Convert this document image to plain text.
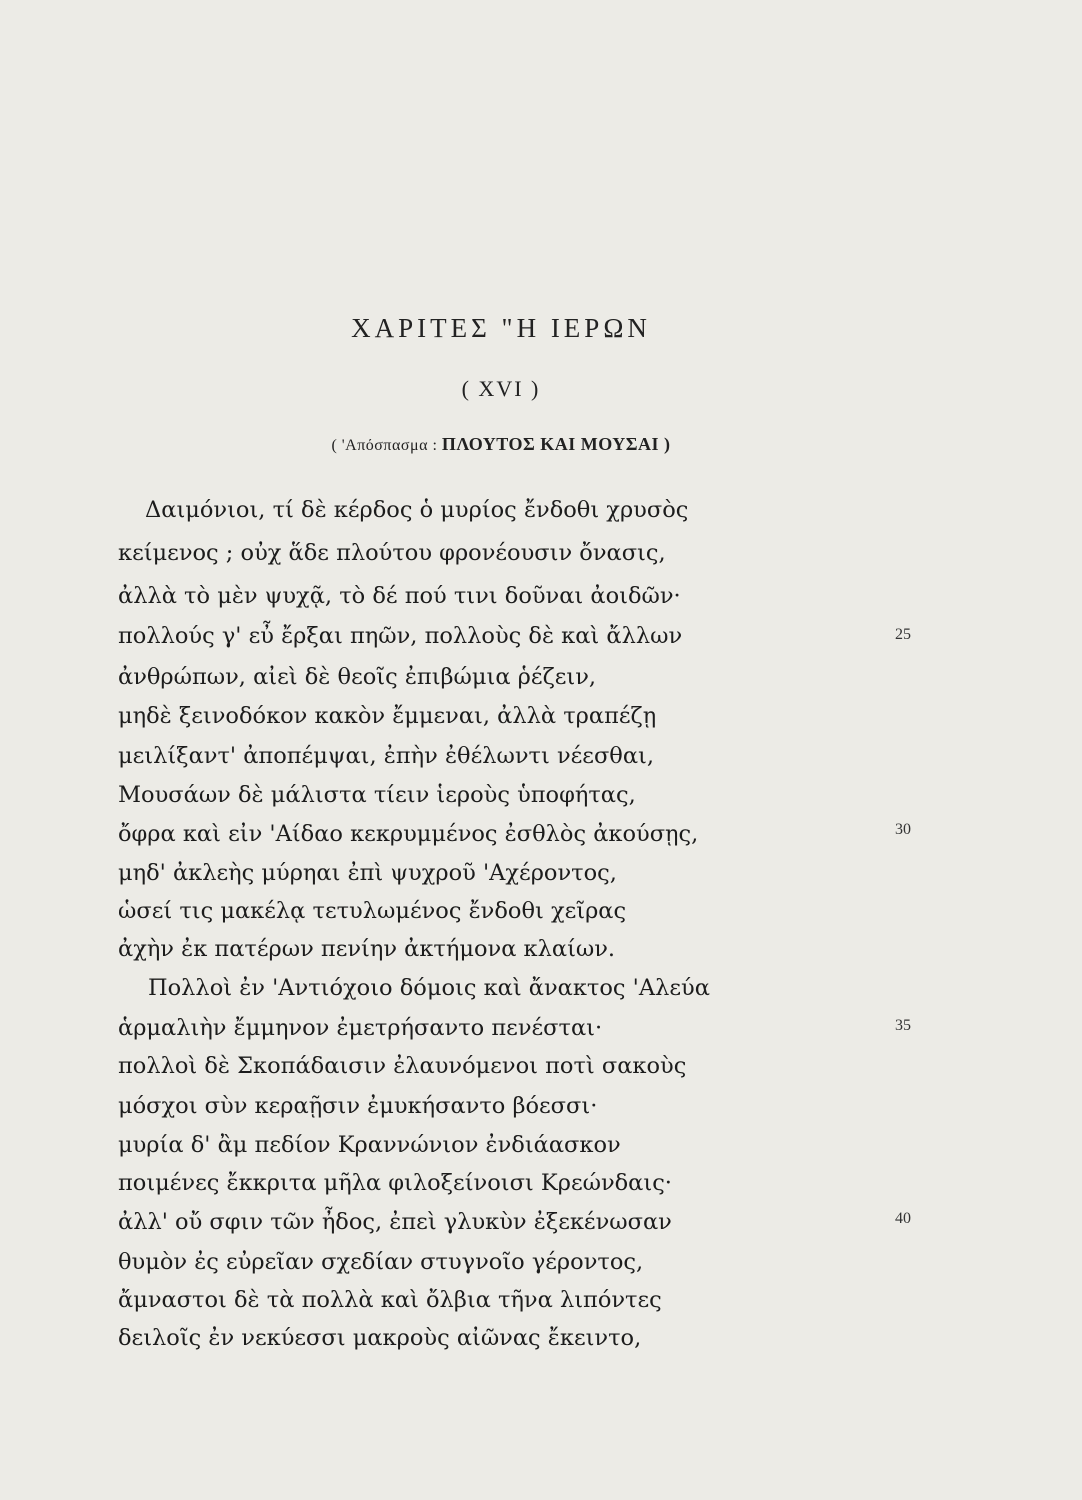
ΧΑΡΙΤΕΣ "Η ΙΕΡΩΝ
( XVI )
( 'Απόσπασμα : ΠΛΟΥΤΟΣ ΚΑΙ ΜΟΥΣΑΙ )
Δαιμόνιοι, τί δὲ κέρδος ὁ μυρίος ἔνδοθι χρυσὸς
κείμενος ; οὐχ ἅδε πλούτου φρονέουσιν ὄνασις,
ἀλλὰ τὸ μὲν ψυχᾷ, τὸ δέ πού τινι δοῦναι ἀοιδῶν·
πολλούς γ' εὖ ἔρξαι πηῶν, πολλοὺς δὲ καὶ ἄλλων
ἀνθρώπων, αἰεὶ δὲ θεοῖς ἐπιβώμια ῥέζειν,
μηδὲ ξεινοδόκον κακὸν ἔμμεναι, ἀλλὰ τραπέζῃ
μειλίξαντ' ἀποπέμψαι, ἐπὴν ἐθέλωντι νέεσθαι,
Μουσάων δὲ μάλιστα τίειν ἱεροὺς ὑποφήτας,
ὄφρα καὶ εἰν 'Αίδαο κεκρυμμένος ἐσθλὸς ἀκούσῃς,
μηδ' ἀκλεὴς μύρηαι ἐπὶ ψυχροῦ 'Αχέροντος,
ὡσεί τις μακέλᾳ τετυλωμένος ἔνδοθι χεῖρας
ἀχὴν ἐκ πατέρων πενίην ἀκτήμονα κλαίων.
Πολλοὶ ἐν 'Αντιόχοιο δόμοις καὶ ἄνακτος 'Αλεύα
ἁρμαλιὴν ἔμμηνον ἐμετρήσαντο πενέσται·
πολλοὶ δὲ Σκοπάδαισιν ἐλαυνόμενοι ποτὶ σακοὺς
μόσχοι σὺν κεραῇσιν ἐμυκήσαντο βόεσσι·
μυρία δ' ἂμ πεδίον Κραννώνιον ἐνδιάασκον
ποιμένες ἔκκριτα μῆλα φιλοξείνοισι Κρεώνδαις·
ἀλλ' οὔ σφιν τῶν ἦδος, ἐπεὶ γλυκὺν ἐξεκένωσαν
θυμὸν ἐς εὐρεῖαν σχεδίαν στυγνοῖο γέροντος,
ἄμναστοι δὲ τὰ πολλὰ καὶ ὄλβια τῆνα λιπόντες
δειλοῖς ἐν νεκύεσσι μακροὺς αἰῶνας ἔκειντο,
25
30
35
40
